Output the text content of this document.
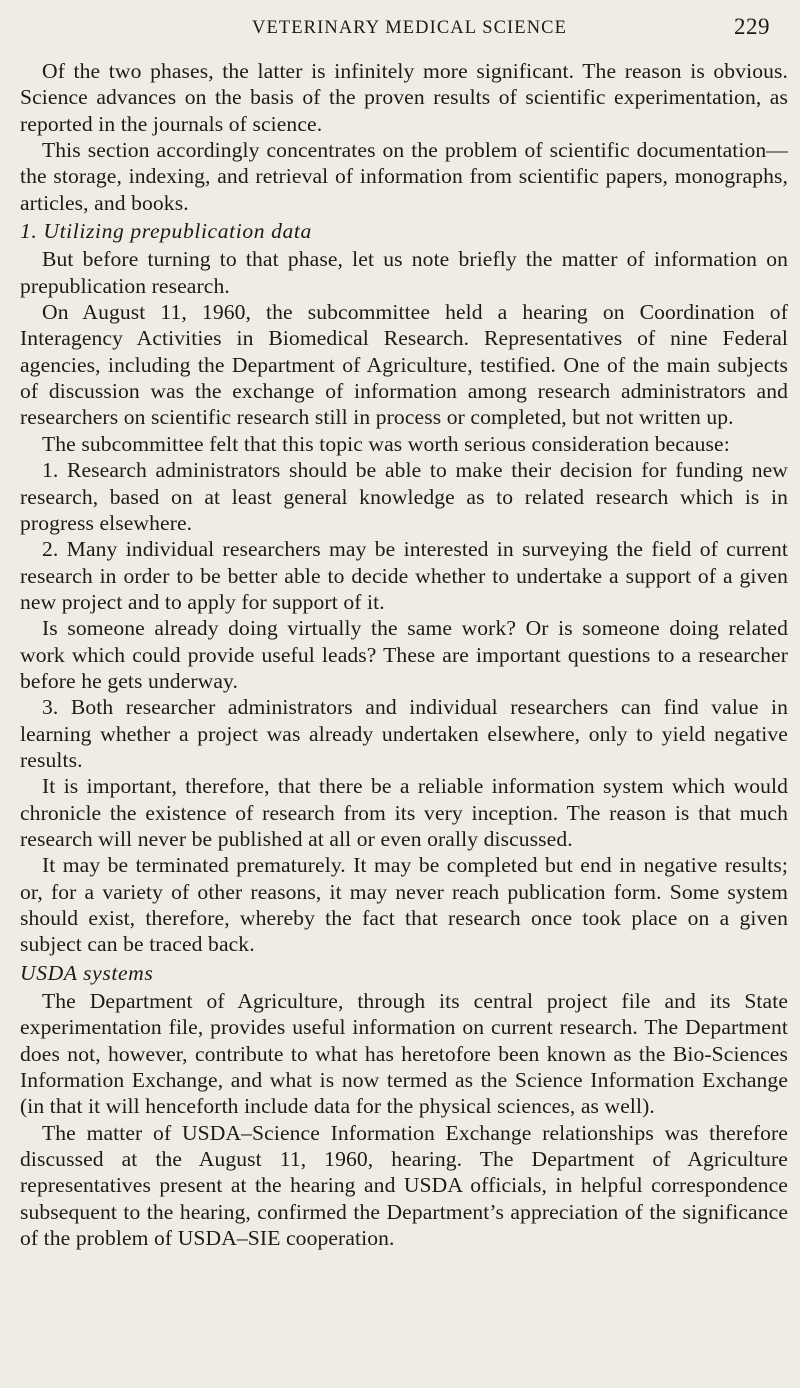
VETERINARY MEDICAL SCIENCE	229

Of the two phases, the latter is infinitely more significant. The reason is obvious. Science advances on the basis of the proven results of scientific experimentation, as reported in the journals of science.

This section accordingly concentrates on the problem of scientific documentation—the storage, indexing, and retrieval of information from scientific papers, monographs, articles, and books.

1. Utilizing prepublication data

But before turning to that phase, let us note briefly the matter of information on prepublication research.

On August 11, 1960, the subcommittee held a hearing on Coordination of Interagency Activities in Biomedical Research. Representatives of nine Federal agencies, including the Department of Agriculture, testified. One of the main subjects of discussion was the exchange of information among research administrators and researchers on scientific research still in process or completed, but not written up.

The subcommittee felt that this topic was worth serious consideration because:

1. Research administrators should be able to make their decision for funding new research, based on at least general knowledge as to related research which is in progress elsewhere.

2. Many individual researchers may be interested in surveying the field of current research in order to be better able to decide whether to undertake a support of a given new project and to apply for support of it.

Is someone already doing virtually the same work? Or is someone doing related work which could provide useful leads? These are important questions to a researcher before he gets underway.

3. Both researcher administrators and individual researchers can find value in learning whether a project was already undertaken elsewhere, only to yield negative results.

It is important, therefore, that there be a reliable information system which would chronicle the existence of research from its very inception. The reason is that much research will never be published at all or even orally discussed.

It may be terminated prematurely. It may be completed but end in negative results; or, for a variety of other reasons, it may never reach publication form. Some system should exist, therefore, whereby the fact that research once took place on a given subject can be traced back.

USDA systems

The Department of Agriculture, through its central project file and its State experimentation file, provides useful information on current research. The Department does not, however, contribute to what has heretofore been known as the Bio-Sciences Information Exchange, and what is now termed as the Science Information Exchange (in that it will henceforth include data for the physical sciences, as well).

The matter of USDA–Science Information Exchange relationships was therefore discussed at the August 11, 1960, hearing. The Department of Agriculture representatives present at the hearing and USDA officials, in helpful correspondence subsequent to the hearing, confirmed the Department’s appreciation of the significance of the problem of USDA–SIE cooperation.
